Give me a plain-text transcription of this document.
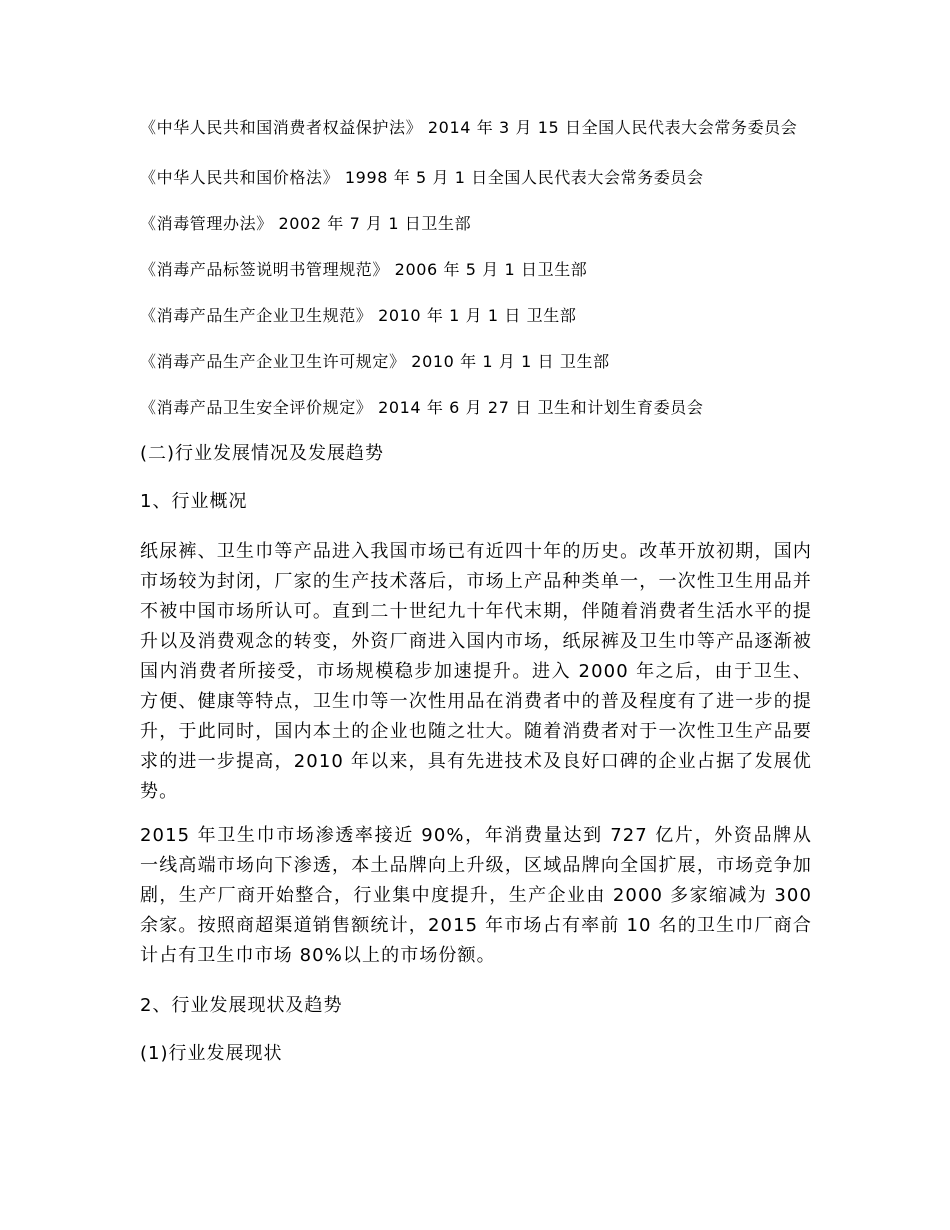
《中华人民共和国消费者权益保护法》 2014 年 3 月 15 日全国人民代表大会常务委员会

《中华人民共和国价格法》 1998 年 5 月 1 日全国人民代表大会常务委员会

《消毒管理办法》 2002 年 7 月 1 日卫生部

《消毒产品标签说明书管理规范》 2006 年 5 月 1 日卫生部

《消毒产品生产企业卫生规范》 2010 年 1 月 1 日 卫生部

《消毒产品生产企业卫生许可规定》 2010 年 1 月 1 日 卫生部

《消毒产品卫生安全评价规定》 2014 年 6 月 27 日 卫生和计划生育委员会

(二)行业发展情况及发展趋势

1、行业概况

纸尿裤、卫生巾等产品进入我国市场已有近四十年的历史。改革开放初期，国内市场较为封闭，厂家的生产技术落后，市场上产品种类单一，一次性卫生用品并不被中国市场所认可。直到二十世纪九十年代末期，伴随着消费者生活水平的提升以及消费观念的转变，外资厂商进入国内市场，纸尿裤及卫生巾等产品逐渐被国内消费者所接受，市场规模稳步加速提升。进入 2000 年之后，由于卫生、方便、健康等特点，卫生巾等一次性用品在消费者中的普及程度有了进一步的提升，于此同时，国内本土的企业也随之壮大。随着消费者对于一次性卫生产品要求的进一步提高，2010 年以来，具有先进技术及良好口碑的企业占据了发展优势。

2015 年卫生巾市场渗透率接近 90%，年消费量达到 727 亿片，外资品牌从一线高端市场向下渗透，本土品牌向上升级，区域品牌向全国扩展，市场竞争加剧，生产厂商开始整合，行业集中度提升，生产企业由 2000 多家缩减为 300 余家。按照商超渠道销售额统计，2015 年市场占有率前 10 名的卫生巾厂商合计占有卫生巾市场 80%以上的市场份额。

2、行业发展现状及趋势

(1)行业发展现状
